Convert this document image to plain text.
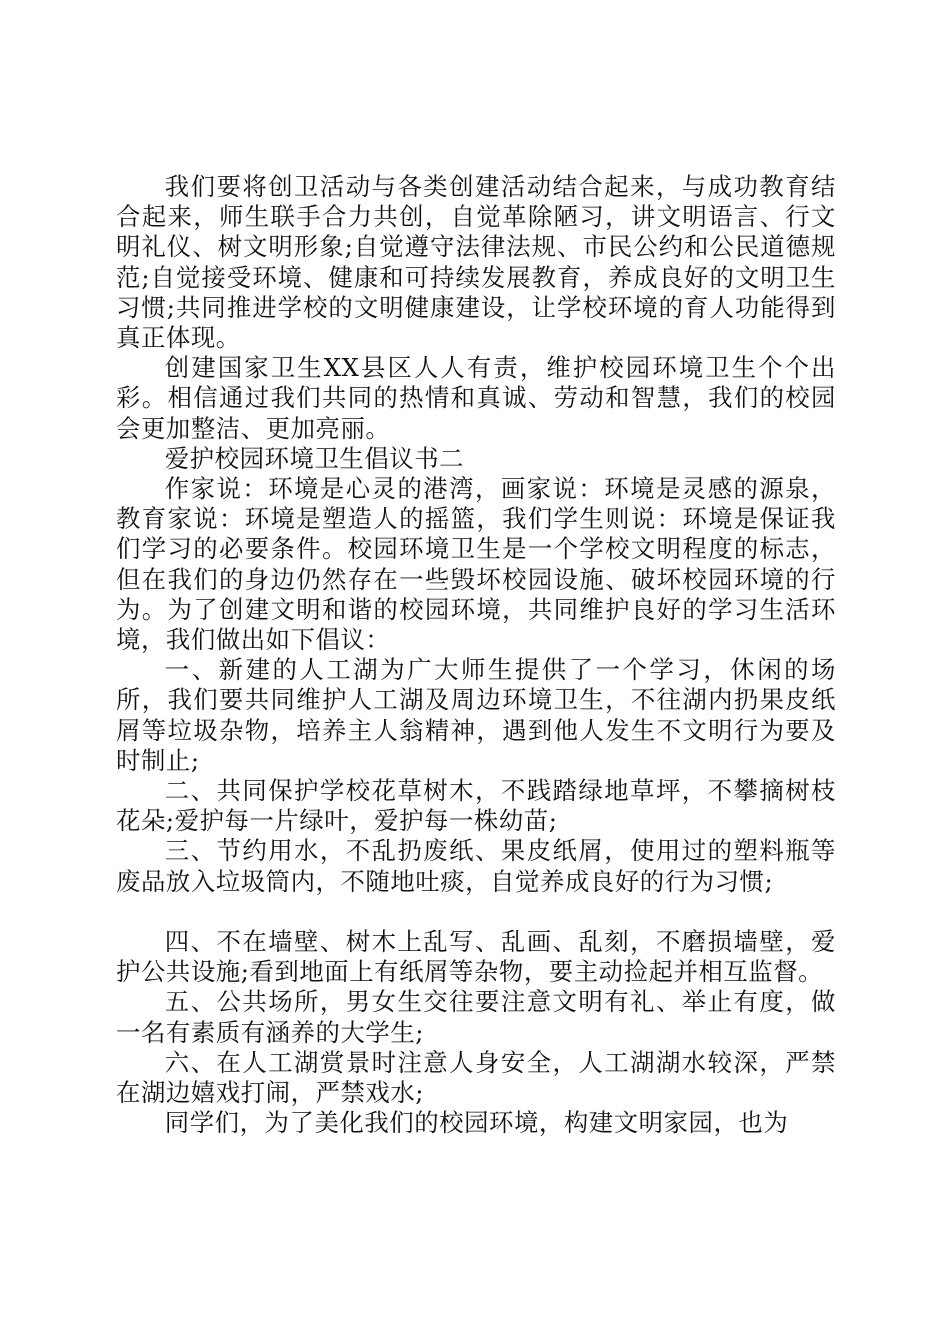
我们要将创卫活动与各类创建活动结合起来，与成功教育结合起来，师生联手合力共创，自觉革除陋习，讲文明语言、行文明礼仪、树文明形象;自觉遵守法律法规、市民公约和公民道德规范;自觉接受环境、健康和可持续发展教育，养成良好的文明卫生习惯;共同推进学校的文明健康建设，让学校环境的育人功能得到真正体现。

创建国家卫生XX县区人人有责，维护校园环境卫生个个出彩。相信通过我们共同的热情和真诚、劳动和智慧，我们的校园会更加整洁、更加亮丽。

爱护校园环境卫生倡议书二

作家说：环境是心灵的港湾，画家说：环境是灵感的源泉，教育家说：环境是塑造人的摇篮，我们学生则说：环境是保证我们学习的必要条件。校园环境卫生是一个学校文明程度的标志，但在我们的身边仍然存在一些毁坏校园设施、破坏校园环境的行为。为了创建文明和谐的校园环境，共同维护良好的学习生活环境，我们做出如下倡议：

一、新建的人工湖为广大师生提供了一个学习，休闲的场所，我们要共同维护人工湖及周边环境卫生，不往湖内扔果皮纸屑等垃圾杂物，培养主人翁精神，遇到他人发生不文明行为要及时制止;

二、共同保护学校花草树木，不践踏绿地草坪，不攀摘树枝花朵;爱护每一片绿叶，爱护每一株幼苗;

三、节约用水，不乱扔废纸、果皮纸屑，使用过的塑料瓶等废品放入垃圾筒内，不随地吐痰，自觉养成良好的行为习惯;

四、不在墙壁、树木上乱写、乱画、乱刻，不磨损墙壁，爱护公共设施;看到地面上有纸屑等杂物，要主动捡起并相互监督。

五、公共场所，男女生交往要注意文明有礼、举止有度，做一名有素质有涵养的大学生;

六、在人工湖赏景时注意人身安全，人工湖湖水较深，严禁在湖边嬉戏打闹，严禁戏水;

同学们，为了美化我们的校园环境，构建文明家园，也为
